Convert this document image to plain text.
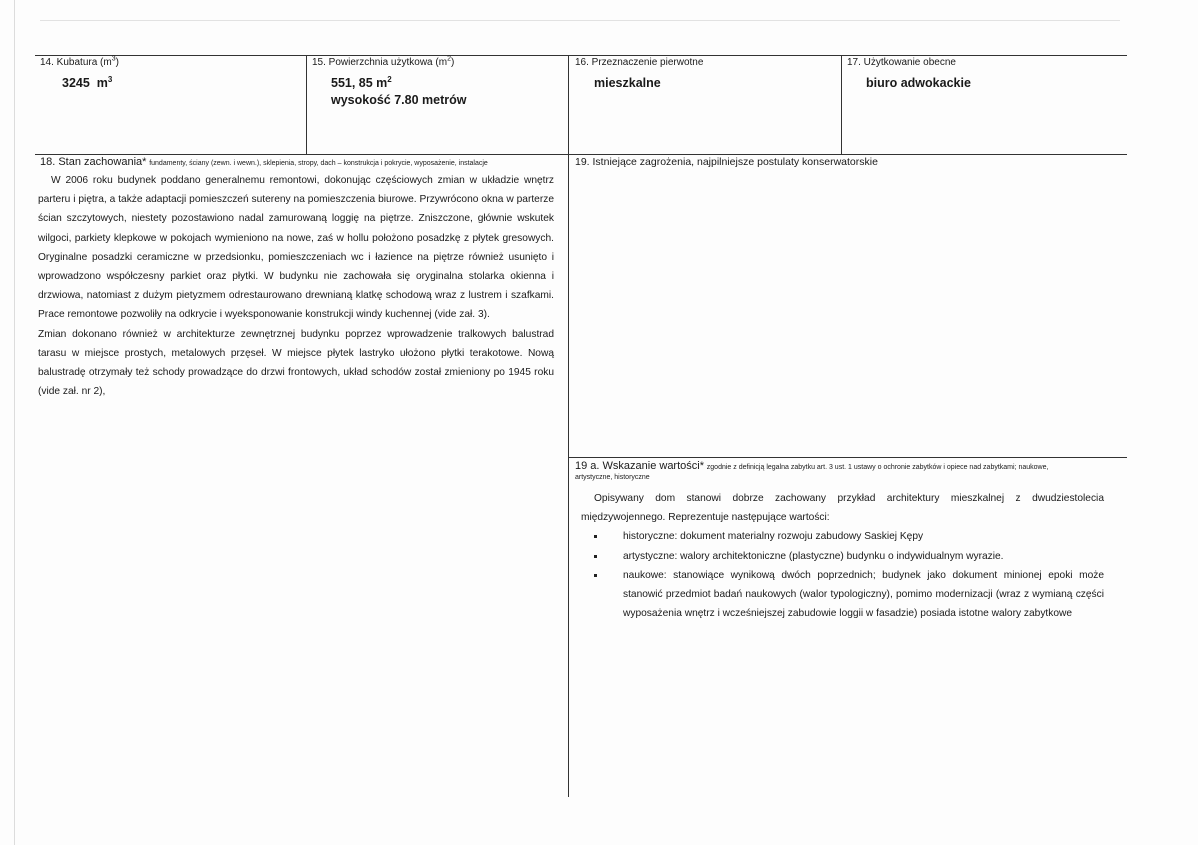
14. Kubatura $(m^3)$
3245 $m^3$
15. Powierzchnia użytkowa $(m^2)$
551, 85 $m^2$
wysokość 7.80 metrów
16. Przeznaczenie pierwotne
mieszkalne
17. Użytkowanie obecne
biuro adwokackie
18. Stan zachowania* fundamenty, ściany (zewn. i wewn.), sklepienia, stropy, dach – konstrukcja i pokrycie, wyposażenie, instalacje

W 2006 roku budynek poddano generalnemu remontowi, dokonując częściowych zmian w układzie wnętrz parteru i piętra, a także adaptacji pomieszczeń sutereny na pomieszczenia biurowe. Przywrócono okna w parterze ścian szczytowych, niestety pozostawiono nadal zamurowaną loggię na piętrze. Zniszczone, głównie wskutek wilgoci, parkiety klepkowe w pokojach wymieniono na nowe, zaś w hollu położono posadzkę z płytek gresowych. Oryginalne posadzki ceramiczne w przedsionku, pomieszczeniach wc i łazience na piętrze również usunięto i wprowadzono współczesny parkiet oraz płytki. W budynku nie zachowała się oryginalna stolarka okienna i drzwiowa, natomiast z dużym pietyzmem odrestaurowano drewnianą klatkę schodową wraz z lustrem i szafkami. Prace remontowe pozwoliły na odkrycie i wyeksponowanie konstrukcji windy kuchennej (vide zał. 3).

Zmian dokonano również w architekturze zewnętrznej budynku poprzez wprowadzenie tralkowych balustrad tarasu w miejsce prostych, metalowych przęseł. W miejsce płytek lastryko ułożono płytki terakotowe. Nową balustradę otrzymały też schody prowadzące do drzwi frontowych, układ schodów został zmieniony po 1945 roku (vide zał. nr 2),

19. Istniejące zagrożenia, najpilniejsze postulaty konserwatorskie
19 a. Wskazanie wartości* zgodnie z definicją legalna zabytku art. 3 ust. 1 ustawy o ochronie zabytków i opiece nad zabytkami; naukowe,
artystyczne, historyczne

Opisywany dom stanowi dobrze zachowany przykład architektury mieszkalnej z dwudziestolecia międzywojennego. Reprezentuje następujące wartości:

historyczne: dokument materialny rozwoju zabudowy Saskiej Kępy
artystyczne: walory architektoniczne (plastyczne) budynku o indywidualnym wyrazie.
naukowe: stanowiące wynikową dwóch poprzednich; budynek jako dokument minionej epoki może stanowić przedmiot badań naukowych (walor typologiczny), pomimo modernizacji (wraz z wymianą części wyposażenia wnętrz i wcześniejszej zabudowie loggii w fasadzie) posiada istotne walory zabytkowe
